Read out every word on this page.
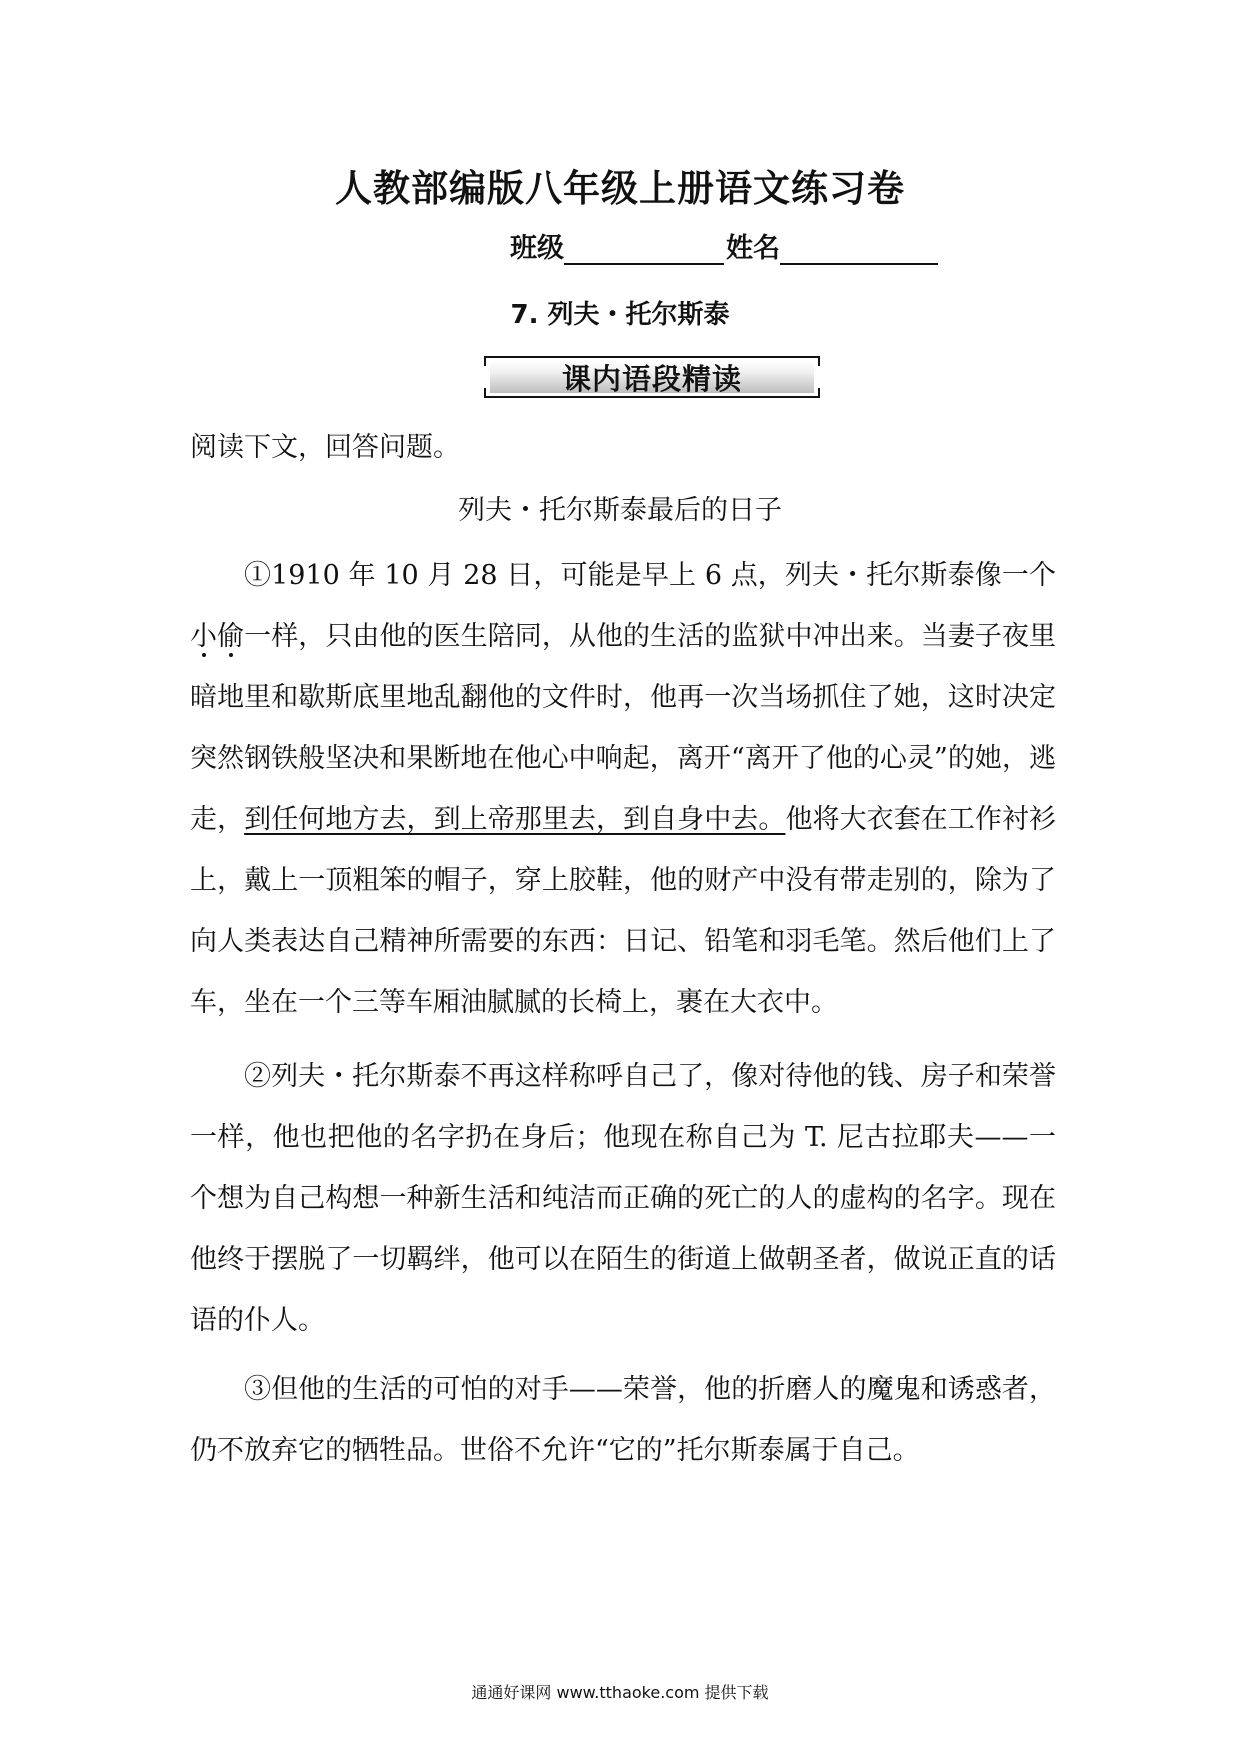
人教部编版八年级上册语文练习卷
班级	姓名
7. 列夫・托尔斯泰
课内语段精读
阅读下文，回答问题。
列夫・托尔斯泰最后的日子

①1910 年 10 月 28 日，可能是早上 6 点，列夫・托尔斯泰像一个小偷一样，只由他的医生陪同，从他的生活的监狱中冲出来。当妻子夜里暗地里和歇斯底里地乱翻他的文件时，他再一次当场抓住了她，这时决定突然钢铁般坚决和果断地在他心中响起，离开“离开了他的心灵”的她，逃走，到任何地方去，到上帝那里去，到自身中去。他将大衣套在工作衬衫上，戴上一顶粗笨的帽子，穿上胶鞋，他的财产中没有带走别的，除为了向人类表达自己精神所需要的东西：日记、铅笔和羽毛笔。然后他们上了车，坐在一个三等车厢油腻腻的长椅上，裹在大衣中。

②列夫・托尔斯泰不再这样称呼自己了，像对待他的钱、房子和荣誉一样，他也把他的名字扔在身后；他现在称自己为 T. 尼古拉耶夫——一个想为自己构想一种新生活和纯洁而正确的死亡的人的虚构的名字。现在他终于摆脱了一切羁绊，他可以在陌生的街道上做朝圣者，做说正直的话语的仆人。

③但他的生活的可怕的对手——荣誉，他的折磨人的魔鬼和诱惑者，仍不放弃它的牺牲品。世俗不允许“它的”托尔斯泰属于自己。

通通好课网 www.tthaoke.com 提供下载
